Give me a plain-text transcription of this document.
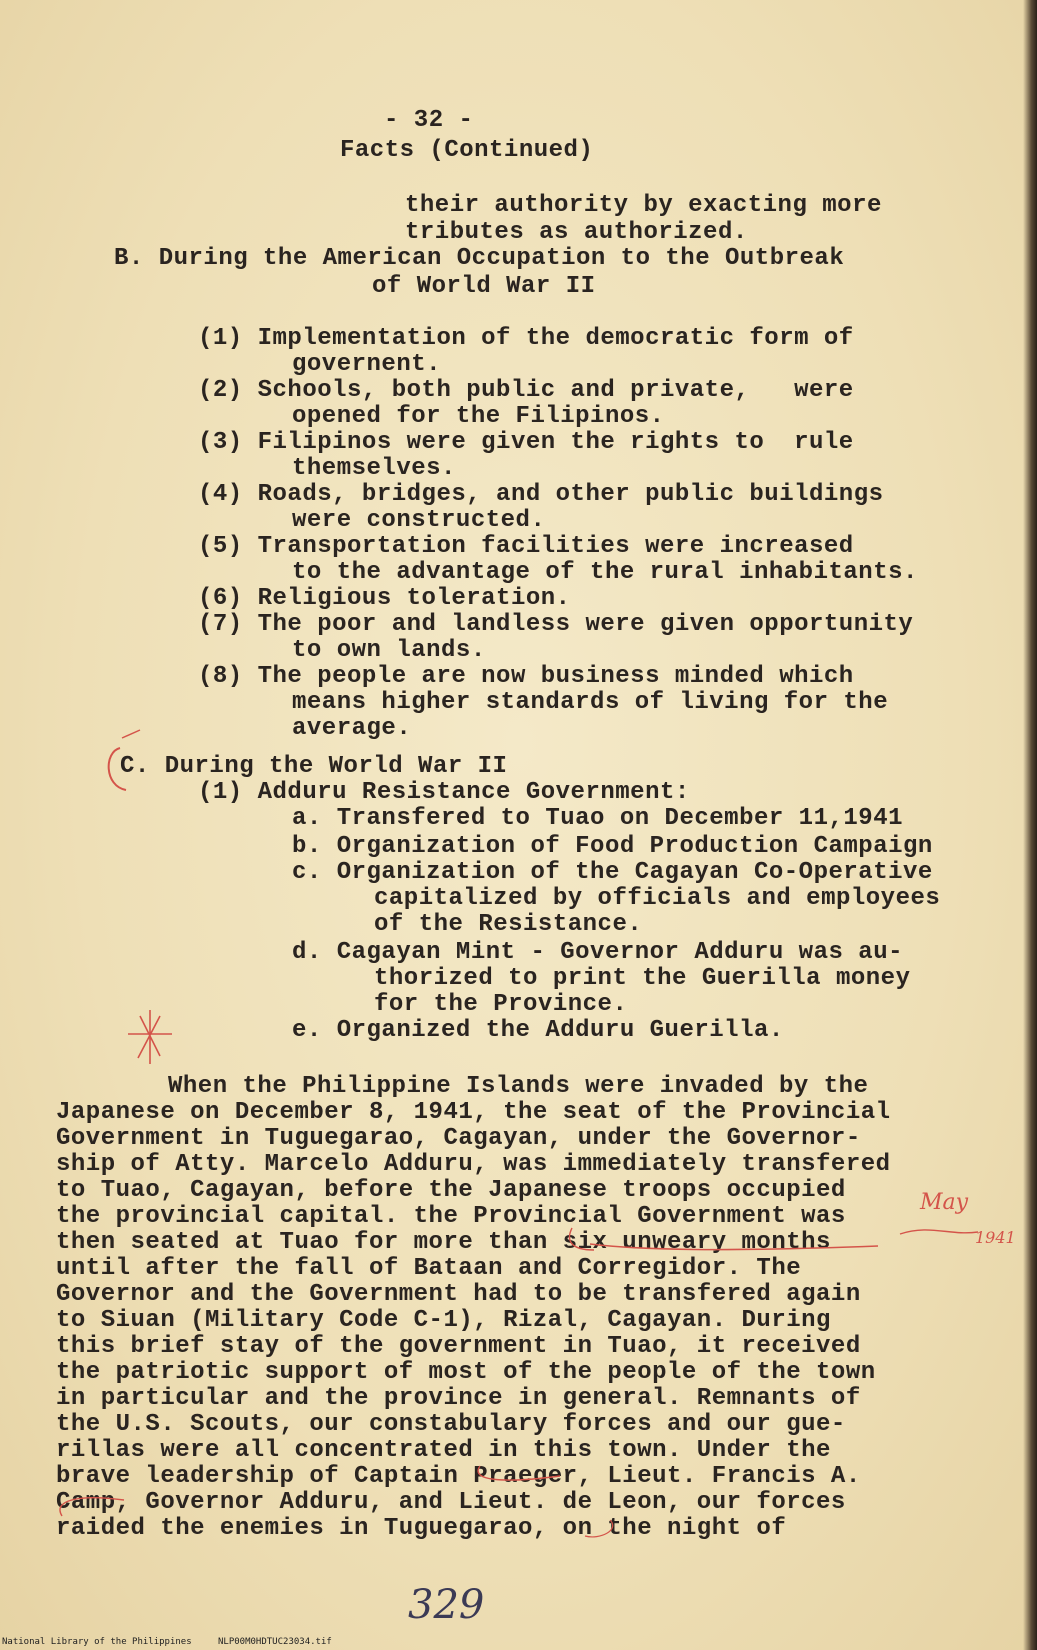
- 32 -
Facts (Continued)
their authority by exacting more
tributes as authorized.
B. During the American Occupation to the Outbreak
of World War II
(1) Implementation of the democratic form of
governent.
(2) Schools, both public and private,   were
opened for the Filipinos.
(3) Filipinos were given the rights to  rule
themselves.
(4) Roads, bridges, and other public buildings
were constructed.
(5) Transportation facilities were increased
to the advantage of the rural inhabitants.
(6) Religious toleration.
(7) The poor and landless were given opportunity
to own lands.
(8) The people are now business minded which
means higher standards of living for the
average.
C. During the World War II
(1) Adduru Resistance Government:
a. Transfered to Tuao on December 11,1941
b. Organization of Food Production Campaign
c. Organization of the Cagayan Co-Operative
capitalized by officials and employees
of the Resistance.
d. Cagayan Mint - Governor Adduru was au-
thorized to print the Guerilla money
for the Province.
e. Organized the Adduru Guerilla.
When the Philippine Islands were invaded by the
Japanese on December 8, 1941, the seat of the Provincial
Government in Tuguegarao, Cagayan, under the Governor-
ship of Atty. Marcelo Adduru, was immediately transfered
to Tuao, Cagayan, before the Japanese troops occupied
the provincial capital. the Provincial Government was
then seated at Tuao for more than six unweary months
until after the fall of Bataan and Corregidor. The
Governor and the Government had to be transfered again
to Siuan (Military Code C-1), Rizal, Cagayan. During
this brief stay of the government in Tuao, it received
the patriotic support of most of the people of the town
in particular and the province in general. Remnants of
the U.S. Scouts, our constabulary forces and our gue-
rillas were all concentrated in this town. Under the
brave leadership of Captain Praeger, Lieut. Francis A.
Camp, Governor Adduru, and Lieut. de Leon, our forces
raided the enemies in Tuguegarao, on the night of
May
1941
329
National Library of the Philippines	NLP00M0HDTUC23034.tif
